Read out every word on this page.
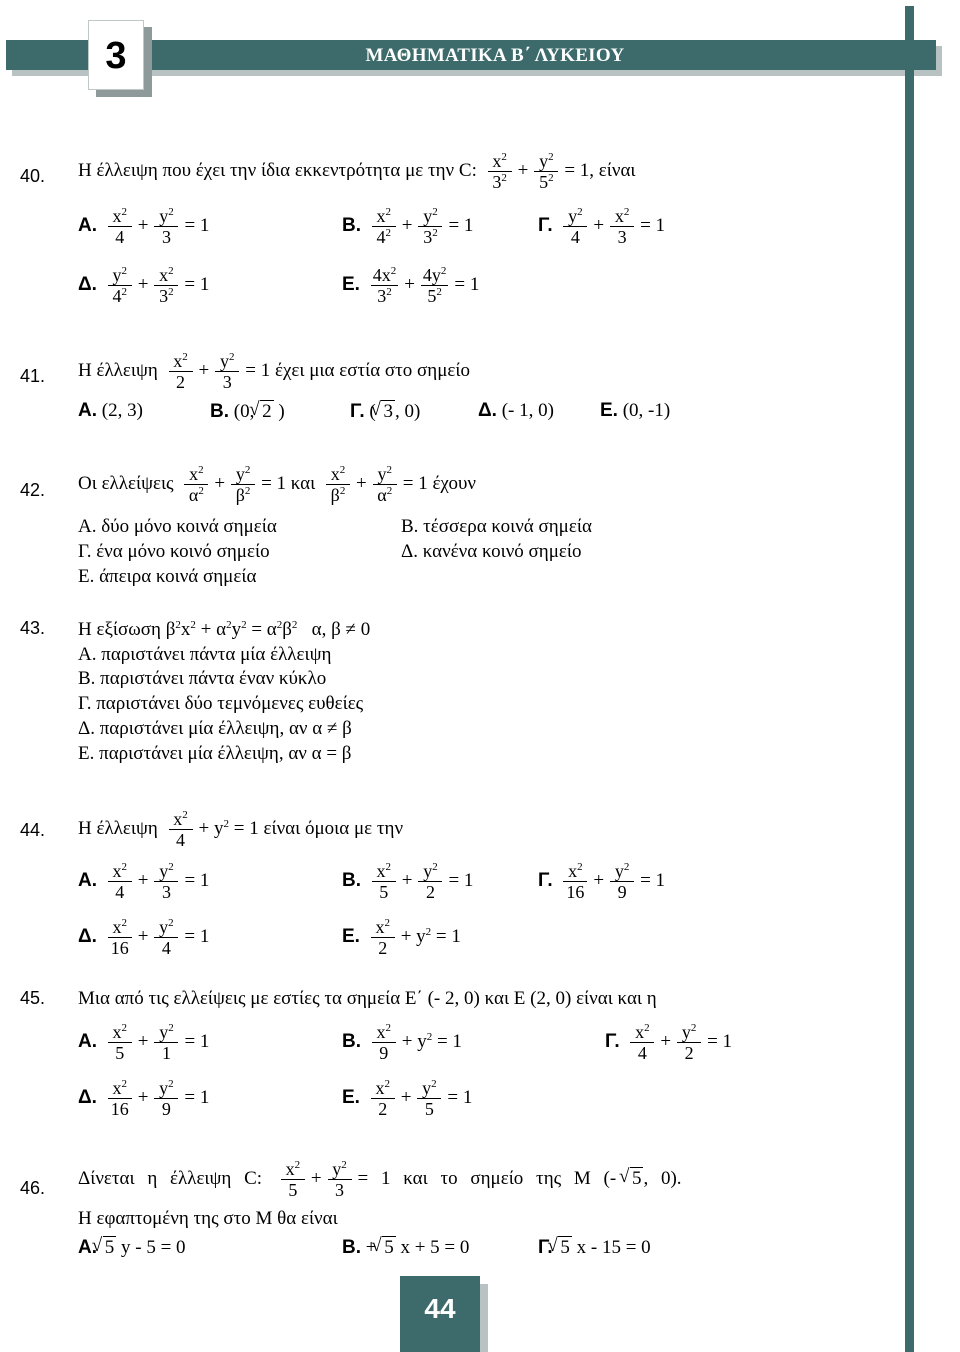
ΜΑΘΗΜΑΤΙΚΑ Β΄ ΛΥΚΕΙΟΥ
3
40. Η έλλειψη που έχει την ίδια εκκεντρότητα με την C: $\frac{x^2}{3^2} + \frac{y^2}{5^2} = 1$, είναι
Α. $\frac{x^2}{4} + \frac{y^2}{3} = 1$	Β. $\frac{x^2}{4^2} + \frac{y^2}{3^2} = 1$	Γ. $\frac{y^2}{4} + \frac{x^2}{3} = 1$
Δ. $\frac{y^2}{4^2} + \frac{x^2}{3^2} = 1$	Ε. $\frac{4x^2}{3^2} + \frac{4y^2}{5^2} = 1$
41. Η έλλειψη $\frac{x^2}{2} + \frac{y^2}{3} = 1$ έχει μια εστία στο σημείο
Α. (2, 3)	Β. (0, √ 2 )	Γ. ( √ 3 , 0)	Δ. (- 1, 0) Ε. (0, -1)
42. Οι ελλείψεις $\frac{x^2}{\alpha^2} + \frac{y^2}{\beta^2} = 1$ και $\frac{x^2}{\beta^2} + \frac{y^2}{\alpha^2} = 1$ έχουν
Α. δύο μόνο κοινά σημεία	Β. τέσσερα κοινά σημεία
Γ. ένα μόνο κοινό σημείο	Δ. κανένα κοινό σημείο
Ε. άπειρα κοινά σημεία
43. Η εξίσωση $\beta^2x^2 + \alpha^2y^2 = \alpha^2\beta^2$   α, β ≠ 0
Α. παριστάνει πάντα μία έλλειψη
Β. παριστάνει πάντα έναν κύκλο
Γ. παριστάνει δύο τεμνόμενες ευθείες
Δ. παριστάνει μία έλλειψη, αν α ≠ β
Ε. παριστάνει μία έλλειψη, αν α = β
44. Η έλλειψη $\frac{x^2}{4} + y^2 = 1$ είναι όμοια με την
Α. $\frac{x^2}{4} + \frac{y^2}{3} = 1$	Β. $\frac{x^2}{5} + \frac{y^2}{2} = 1$	Γ. $\frac{x^2}{16} + \frac{y^2}{9} = 1$
Δ. $\frac{x^2}{16} + \frac{y^2}{4} = 1$	Ε. $\frac{x^2}{2} + y^2 = 1$
45. Μια από τις ελλείψεις με εστίες τα σημεία Ε΄ (- 2, 0) και Ε (2, 0) είναι και η
Α. $\frac{x^2}{5} + \frac{y^2}{1} = 1$	Β. $\frac{x^2}{9} + y^2 = 1$	Γ. $\frac{x^2}{4} + \frac{y^2}{2} = 1$
Δ. $\frac{x^2}{16} + \frac{y^2}{9} = 1$	Ε. $\frac{x^2}{2} + \frac{y^2}{5} = 1$
46. Δίνεται η έλλειψη C: $\frac{x^2}{5} + \frac{y^2}{3} = 1$ και το σημείο της Μ (- √ 5 , 0).
Η εφαπτομένη της στο Μ θα είναι
Α. √ 5 y - 5 = 0	Β. + √ 5 x + 5 = 0	Γ. √ 5 x - 15 = 0
44
